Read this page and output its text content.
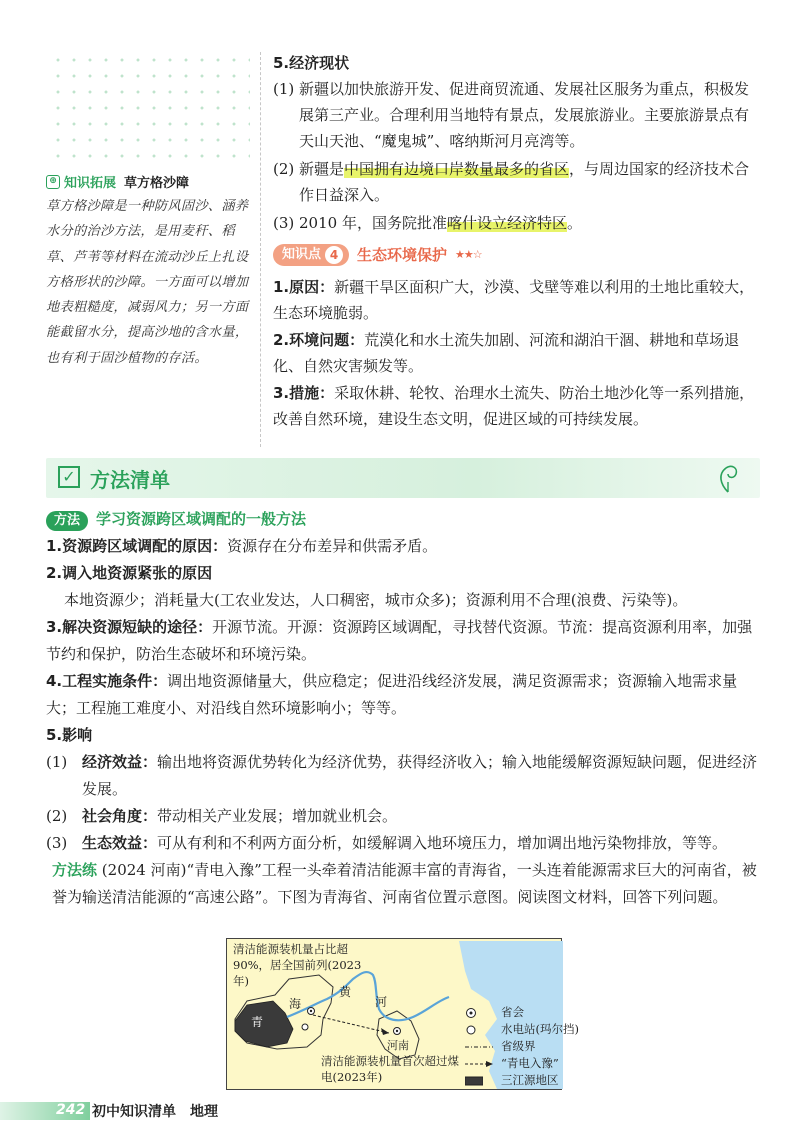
⊕ 知识拓展 草方格沙障
草方格沙障是一种防风固沙、涵养水分的治沙方法，是用麦秆、稻草、芦苇等材料在流动沙丘上扎设方格形状的沙障。一方面可以增加地表粗糙度，减弱风力；另一方面能截留水分，提高沙地的含水量，也有利于固沙植物的存活。
5.经济现状
(1) 新疆以加快旅游开发、促进商贸流通、发展社区服务为重点，积极发展第三产业。合理利用当地特有景点，发展旅游业。主要旅游景点有天山天池、“魔鬼城”、喀纳斯河月亮湾等。
(2) 新疆是中国拥有边境口岸数量最多的省区，与周边国家的经济技术合作日益深入。
(3) 2010 年，国务院批准喀什设立经济特区。
知识点 4	生态环境保护 ★★☆
1.原因：新疆干旱区面积广大，沙漠、戈壁等难以利用的土地比重较大，生态环境脆弱。
2.环境问题：荒漠化和水土流失加剧、河流和湖泊干涸、耕地和草场退化、自然灾害频发等。
3.措施：采取休耕、轮牧、治理水土流失、防治土地沙化等一系列措施，改善自然环境，建设生态文明，促进区域的可持续发展。
✓ 方法清单
方法 学习资源跨区域调配的一般方法
1.资源跨区域调配的原因：资源存在分布差异和供需矛盾。
2.调入地资源紧张的原因
本地资源少；消耗量大(工农业发达，人口稠密，城市众多)；资源利用不合理(浪费、污染等)。
3.解决资源短缺的途径：开源节流。开源：资源跨区域调配，寻找替代资源。节流：提高资源利用率，加强节约和保护，防治生态破坏和环境污染。
4.工程实施条件：调出地资源储量大，供应稳定；促进沿线经济发展，满足资源需求；资源输入地需求量大；工程施工难度小、对沿线自然环境影响小；等等。
5.影响
(1) 经济效益：输出地将资源优势转化为经济优势，获得经济收入；输入地能缓解资源短缺问题，促进经济发展。
(2) 社会角度：带动相关产业发展；增加就业机会。
(3) 生态效益：可从有利和不利两方面分析，如缓解调入地环境压力，增加调出地污染物排放，等等。
方法练 (2024 河南)“青电入豫”工程一头牵着清洁能源丰富的青海省，一头连着能源需求巨大的河南省，被誉为输送清洁能源的“高速公路”。下图为青海省、河南省位置示意图。阅读图文材料，回答下列问题。
清洁能源装机量占比超90%，居全国前列(2023年)
清洁能源装机量首次超过煤电(2023年)
青
海
黄
河
河南
省会
水电站(玛尔挡)
省级界
“青电入豫”
三江源地区
242 初中知识清单 地理
